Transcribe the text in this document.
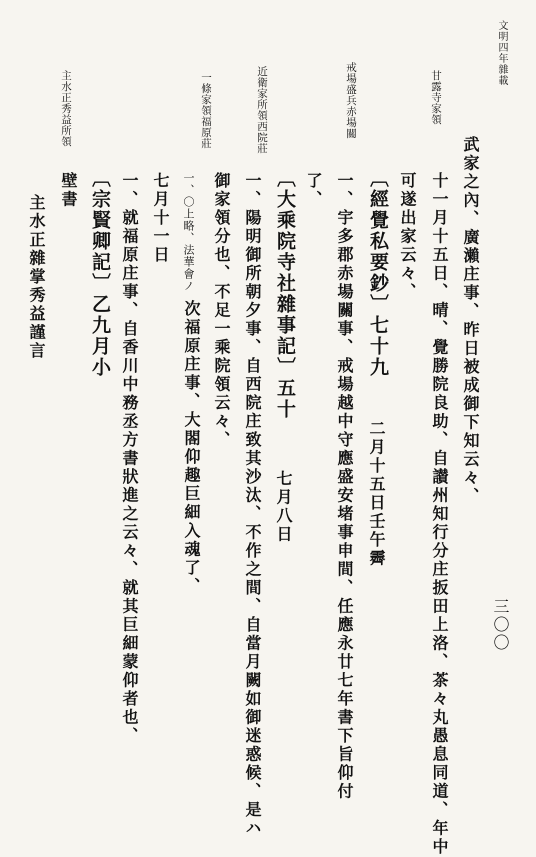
三〇〇
文明四年雜載
甘露寺家領
戒場盛兵赤場關
近衛家所領西院莊
一條家領福原莊
主水正秀益所領
武家之內、廣瀨庄事、昨日被成御下知云々、
十一月十五日、晴、覺勝院良助、自讃州知行分庄扳田上洛、茶々丸愚息同道、年中
可遂出家云々、
〔經覺私要鈔〕七十九
一、宇多郡赤場關事、戒場越中守應盛安堵事申間、任應永廿七年書下旨仰付
了、
〔大乘院寺社雜事記〕五十
一、陽明御所朝夕事、自西院庄致其沙汰、不作之間、自當月闕如御迷惑候、是ハ
御家領分也、不足一乘院領云々、
一、〇上略、法華會ノ
次福原庄事、大閤仰趣巨細入魂了、
七月十一日
一、就福原庄事、自香川中務丞方書狀進之云々、就其巨細蒙仰者也、
〔宗賢卿記〕乙九月小
壁書
主水正雜掌秀益謹言
二月十五日壬午霽
七月八日
